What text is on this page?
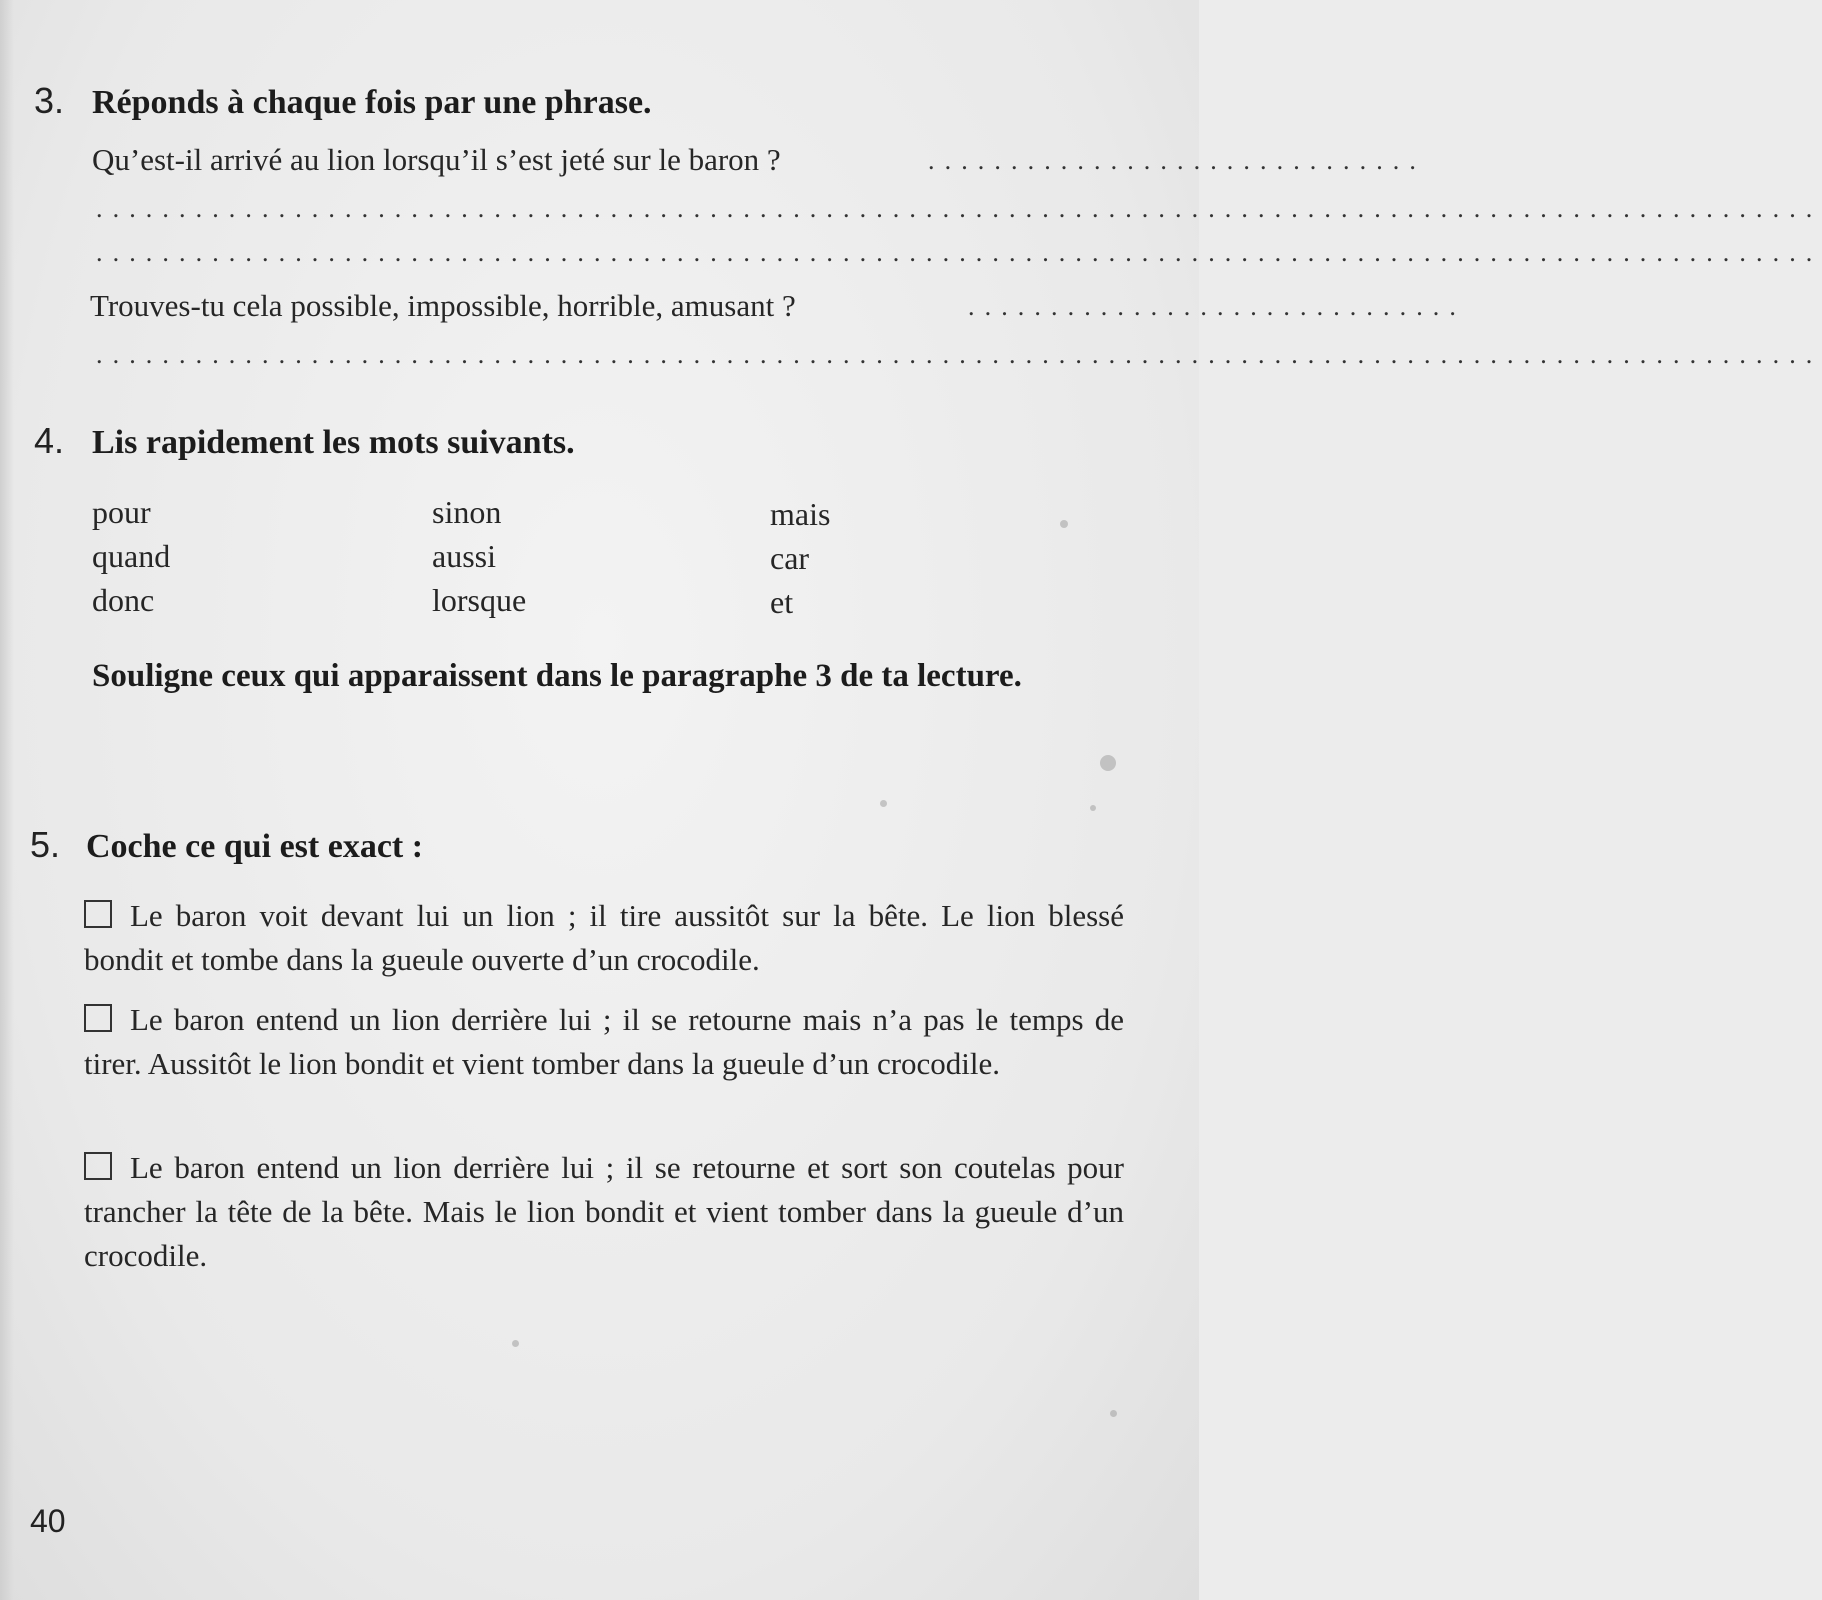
3. Réponds à chaque fois par une phrase.
Qu’est-il arrivé au lion lorsqu’il s’est jeté sur le baron ?	..............................
........................................................................................................
........................................................................................................
Trouves-tu cela possible, impossible, horrible, amusant ?	..............................
........................................................................................................
4. Lis rapidement les mots suivants.
pour
quand
donc
sinon
aussi
lorsque
mais
car
et
Souligne ceux qui apparaissent dans le paragraphe 3 de ta lecture.
5. Coche ce qui est exact :
Le baron voit devant lui un lion ; il tire aussitôt sur la bête. Le lion blessé bondit et tombe dans la gueule ouverte d’un crocodile.
Le baron entend un lion derrière lui ; il se retourne mais n’a pas le temps de tirer. Aussitôt le lion bondit et vient tomber dans la gueule d’un crocodile.
Le baron entend un lion derrière lui ; il se retourne et sort son coutelas pour trancher la tête de la bête. Mais le lion bondit et vient tomber dans la gueule d’un crocodile.
40
